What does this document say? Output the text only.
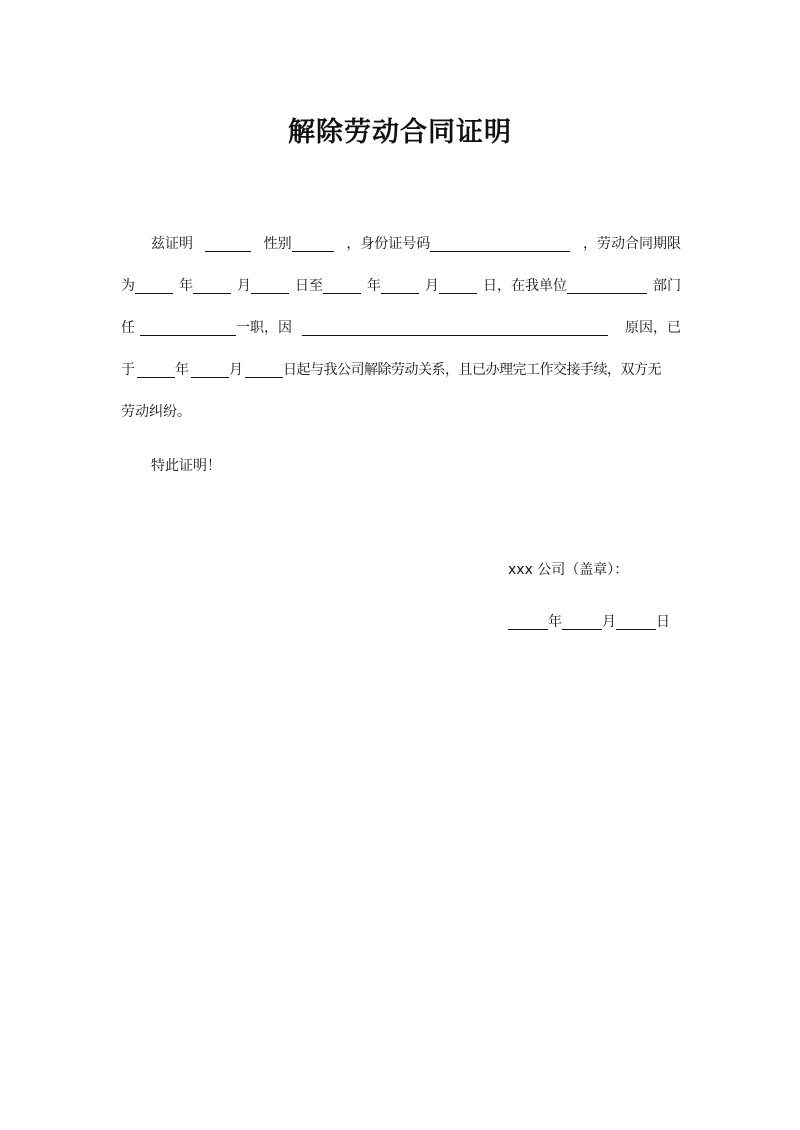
解除劳动合同证明
兹证明	性别	，身份证号码	，劳动合同期限
为	年	月	日至	年	月	日，在我单位	部门
任	一职，因	原因，已
于	年	月	日起与我公司解除劳动关系，且已办理完工作交接手续，双方无
劳动纠纷。
特此证明！
xxx 公司（盖章）：
年	月	日
